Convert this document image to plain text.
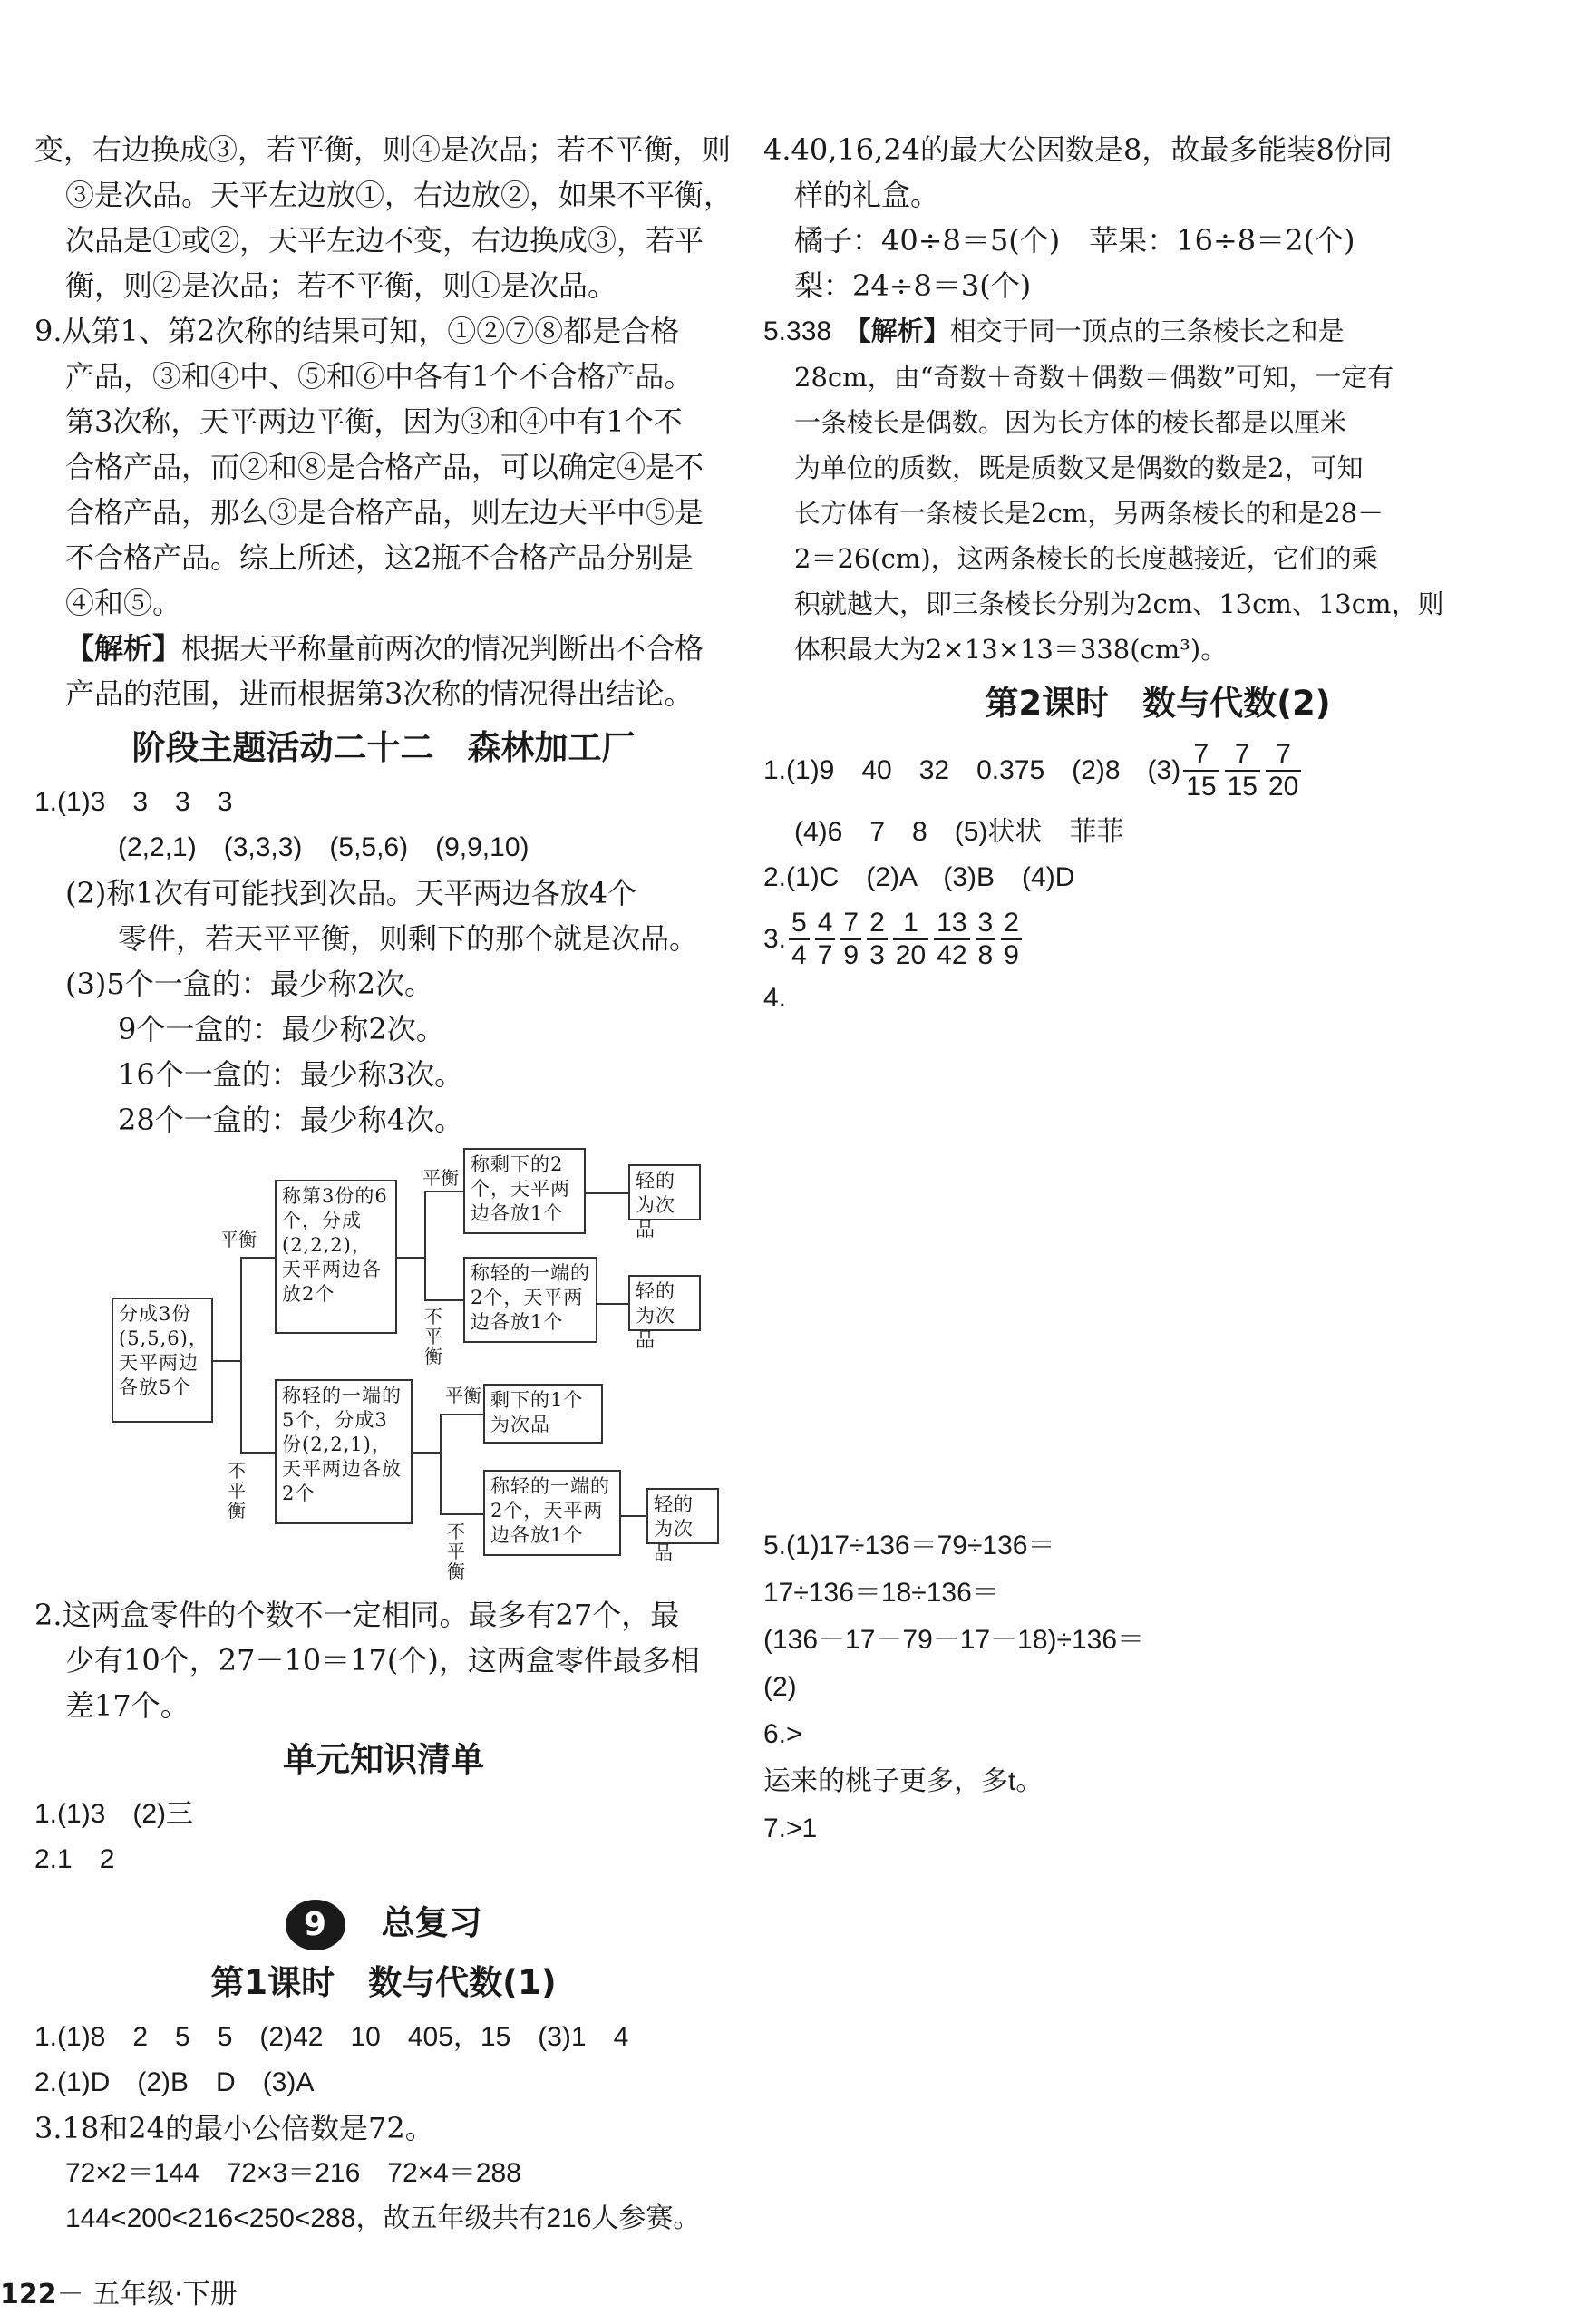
变，右边换成③，若平衡，则④是次品；若不平衡，则

③是次品。天平左边放①，右边放②，如果不平衡，

次品是①或②，天平左边不变，右边换成③，若平

衡，则②是次品；若不平衡，则①是次品。

9.从第1、第2次称的结果可知，①②⑦⑧都是合格

产品，③和④中、⑤和⑥中各有1个不合格产品。

第3次称，天平两边平衡，因为③和④中有1个不

合格产品，而②和⑧是合格产品，可以确定④是不

合格产品，那么③是合格产品，则左边天平中⑤是

不合格产品。综上所述，这2瓶不合格产品分别是

④和⑤。

【解析】根据天平称量前两次的情况判断出不合格

产品的范围，进而根据第3次称的情况得出结论。

阶段主题活动二十二　森林加工厂

1.(1)3　3　3　3

(2,2,1)　(3,3,3)　(5,5,6)　(9,9,10)

(2)称1次有可能找到次品。天平两边各放4个

零件，若天平平衡，则剩下的那个就是次品。

(3)5个一盒的：最少称2次。

9个一盒的：最少称2次。

16个一盒的：最少称3次。

28个一盒的：最少称4次。

分成3份(5,5,6)，天平两边各放5个
称第3份的6个，分成(2,2,2)，天平两边各放2个
称轻的一端的5个，分成3份(2,2,1)，天平两边各放2个
称剩下的2个，天平两边各放1个
轻的为次品
称轻的一端的2个，天平两边各放1个
轻的为次品
剩下的1个为次品
称轻的一端的2个，天平两边各放1个
轻的为次品
平衡
不平衡
平衡
不平衡
平衡
不平衡

2.这两盒零件的个数不一定相同。最多有27个，最

少有10个，27－10＝17(个)，这两盒零件最多相

差17个。

单元知识清单

1.(1)3　(2)三

2.1　2

9 总复习
第1课时　数与代数(1)

1.(1)8　2　5　5　(2)42　10　405，15　(3)1　4

2.(1)D　(2)B　D　(3)A

3.18和24的最小公倍数是72。

72×2＝144　72×3＝216　72×4＝288

144<200<216<250<288，故五年级共有216人参赛。

4.40,16,24的最大公因数是8，故最多能装8份同

样的礼盒。

橘子：40÷8＝5(个)　苹果：16÷8＝2(个)

梨：24÷8＝3(个)

5.338　 【解析】相交于同一顶点的三条棱长之和是

28cm，由“奇数＋奇数＋偶数＝偶数”可知，一定有

一条棱长是偶数。因为长方体的棱长都是以厘米

为单位的质数，既是质数又是偶数的数是2，可知

长方体有一条棱长是2cm，另两条棱长的和是28－

2＝26(cm)，这两条棱长的长度越接近，它们的乘

积就越大，即三条棱长分别为2cm、13cm、13cm，则

体积最大为2×13×13＝338(cm³)。

第2课时　数与代数(2)
1.(1)9　40　32　0.375　(2)8　$(3) \frac{7}{15} \frac{7}{15} \frac{7}{20}$

(4)6　7　8　(5)状状　菲菲

2.(1)C　(2)A　(3)B　(4)D

3. $\frac{5}{4} \frac{4}{7} \frac{7}{9} \frac{2}{3} \frac{1}{20} \frac{13}{42} \frac{3}{8} \frac{2}{9}$
4.
5.(1)17÷136＝ 79÷136＝
17÷136＝ 18÷136＝
(136－17－79－17－18)÷136＝
(2)
6. >
运来的桃子更多，多 t。
7. >1
122－ 五年级·下册
